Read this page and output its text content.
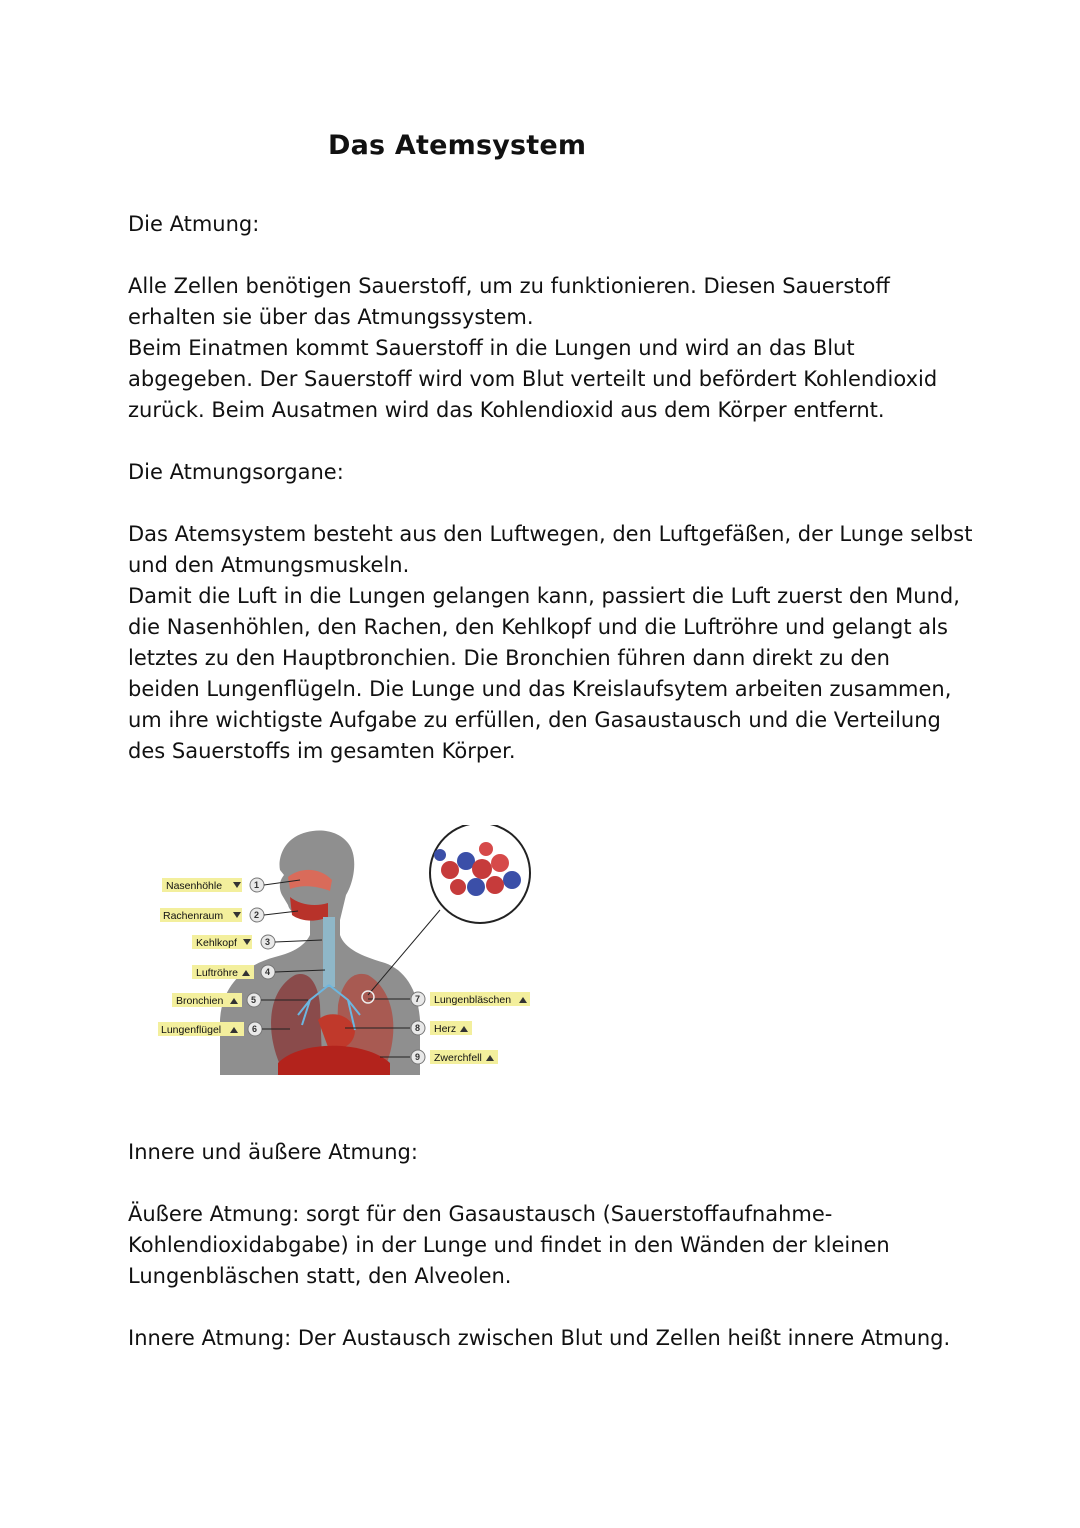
Das Atemsystem
Die Atmung:
Alle Zellen benötigen Sauerstoff, um zu funktionieren. Diesen Sauerstoff
erhalten sie über das Atmungssystem.
Beim Einatmen kommt Sauerstoff in die Lungen und wird an das Blut
abgegeben. Der Sauerstoff wird vom Blut verteilt und befördert Kohlendioxid
zurück. Beim Ausatmen wird das Kohlendioxid aus dem Körper entfernt.
Die Atmungsorgane:
Das Atemsystem besteht aus den Luftwegen, den Luftgefäßen, der Lunge selbst
und den Atmungsmuskeln.
Damit die Luft in die Lungen gelangen kann, passiert die Luft zuerst den Mund,
die Nasenhöhlen, den Rachen, den Kehlkopf und die Luftröhre und gelangt als
letztes zu den Hauptbronchien. Die Bronchien führen dann direkt zu den
beiden Lungenflügeln. Die Lunge und das Kreislaufsytem arbeiten zusammen,
um ihre wichtigste Aufgabe zu erfüllen, den Gasaustausch und die Verteilung
des Sauerstoffs im gesamten Körper.
Nasenhöhle	1
Rachenraum	2
Kehlkopf	3
Luftröhre	4
Bronchien	5
Lungenflügel	6
7 Lungenbläschen
8 Herz
9 Zwerchfell
Innere und äußere Atmung:
Äußere Atmung: sorgt für den Gasaustausch (Sauerstoffaufnahme-
Kohlendioxidabgabe) in der Lunge und findet in den Wänden der kleinen
Lungenbläschen statt, den Alveolen.
Innere Atmung: Der Austausch zwischen Blut und Zellen heißt innere Atmung.
